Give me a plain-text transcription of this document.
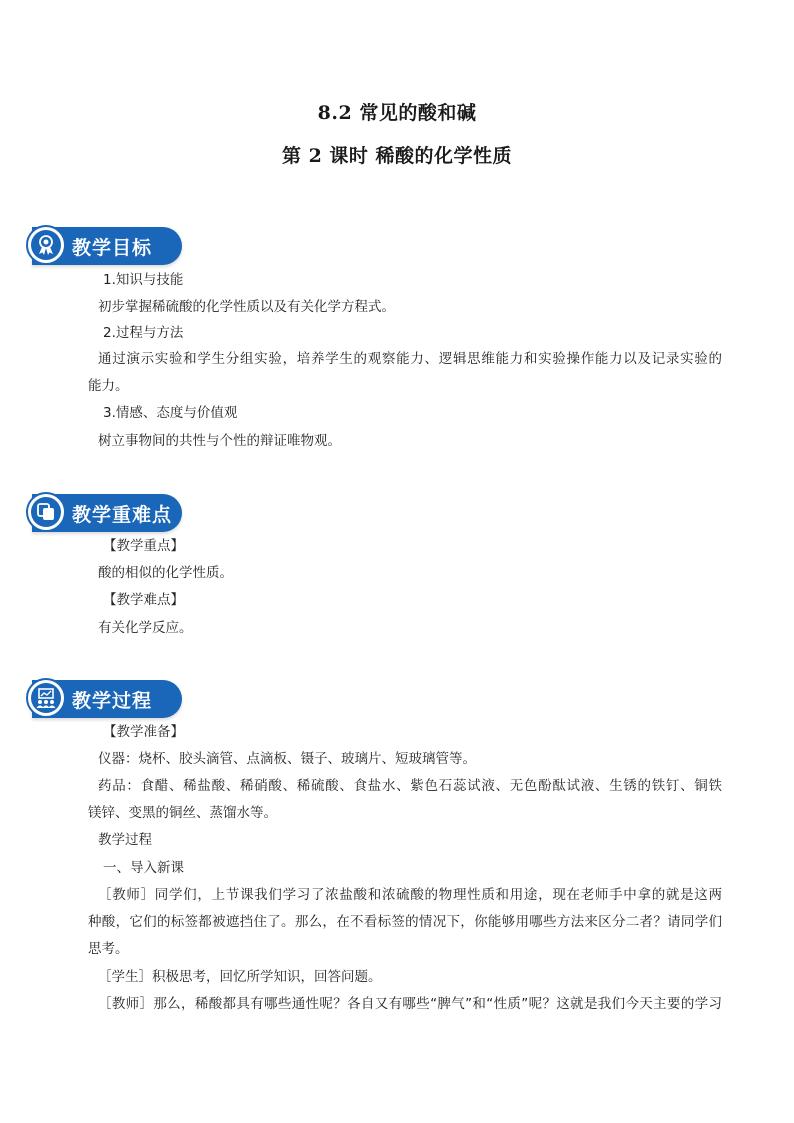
8.2 常见的酸和碱
第 2 课时 稀酸的化学性质
教学目标
1.知识与技能
初步掌握稀硫酸的化学性质以及有关化学方程式。
2.过程与方法
通过演示实验和学生分组实验，培养学生的观察能力、逻辑思维能力和实验操作能力以及记录实验的
能力。
3.情感、态度与价值观
树立事物间的共性与个性的辩证唯物观。
教学重难点
【教学重点】
酸的相似的化学性质。
【教学难点】
有关化学反应。
教学过程
【教学准备】
仪器：烧杯、胶头滴管、点滴板、镊子、玻璃片、短玻璃管等。
药品：食醋、稀盐酸、稀硝酸、稀硫酸、食盐水、紫色石蕊试液、无色酚酞试液、生锈的铁钉、铜铁
镁锌、变黑的铜丝、蒸馏水等。
教学过程
一、导入新课
［教师］同学们，上节课我们学习了浓盐酸和浓硫酸的物理性质和用途，现在老师手中拿的就是这两
种酸，它们的标签都被遮挡住了。那么，在不看标签的情况下，你能够用哪些方法来区分二者？请同学们
思考。
［学生］积极思考，回忆所学知识，回答问题。
［教师］那么，稀酸都具有哪些通性呢？各自又有哪些“脾气”和“性质”呢？这就是我们今天主要的学习
